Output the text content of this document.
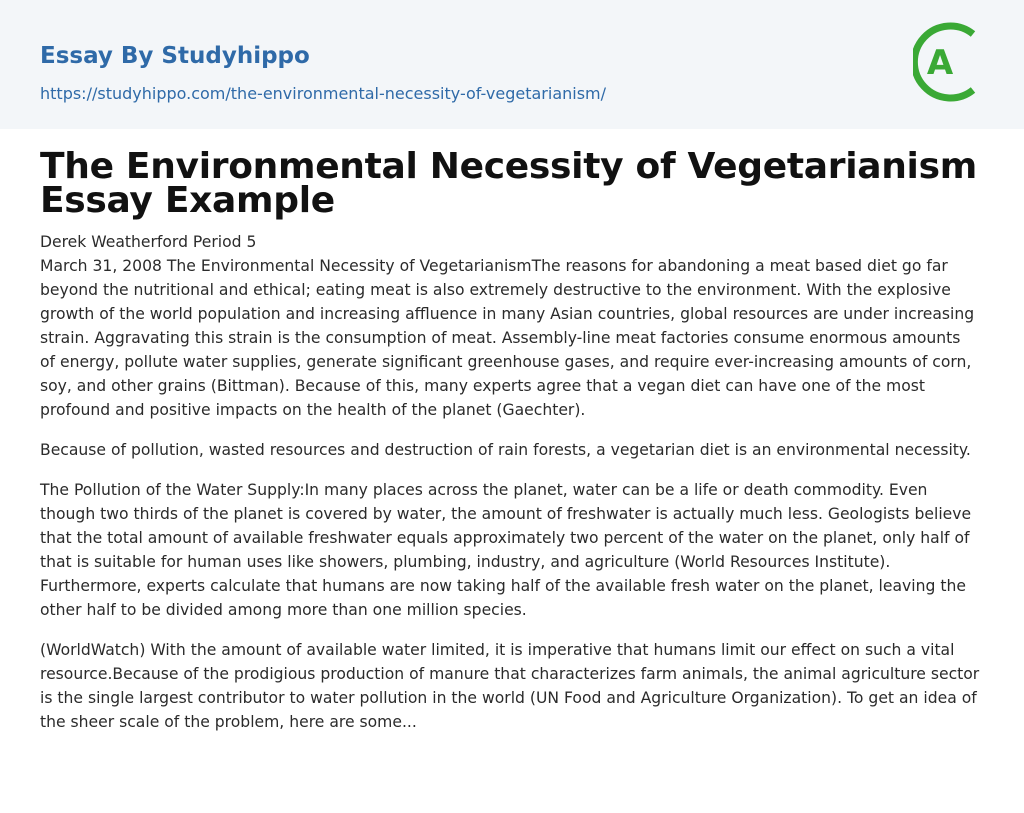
Essay By Studyhippo
https://studyhippo.com/the-environmental-necessity-of-vegetarianism/
A
The Environmental Necessity of Vegetarianism
Essay Example
Derek Weatherford Period 5

March 31, 2008 The Environmental Necessity of VegetarianismThe reasons for abandoning a meat based diet go far beyond the nutritional and ethical; eating meat is also extremely destructive to the environment. With the explosive growth of the world population and increasing affluence in many Asian countries, global resources are under increasing strain. Aggravating this strain is the consumption of meat. Assembly-line meat factories consume enormous amounts of energy, pollute water supplies, generate significant greenhouse gases, and require ever-increasing amounts of corn, soy, and other grains (Bittman). Because of this, many experts agree that a vegan diet can have one of the most profound and positive impacts on the health of the planet (Gaechter).

Because of pollution, wasted resources and destruction of rain forests, a vegetarian diet is an environmental necessity.

The Pollution of the Water Supply:In many places across the planet, water can be a life or death commodity. Even though two thirds of the planet is covered by water, the amount of freshwater is actually much less. Geologists believe that the total amount of available freshwater equals approximately two percent of the water on the planet, only half of that is suitable for human uses like showers, plumbing, industry, and agriculture (World Resources Institute). Furthermore, experts calculate that humans are now taking half of the available fresh water on the planet, leaving the other half to be divided among more than one million species.

(WorldWatch) With the amount of available water limited, it is imperative that humans limit our effect on such a vital resource.Because of the prodigious production of manure that characterizes farm animals, the animal agriculture sector is the single largest contributor to water pollution in the world (UN Food and Agriculture Organization). To get an idea of the sheer scale of the problem, here are some...
